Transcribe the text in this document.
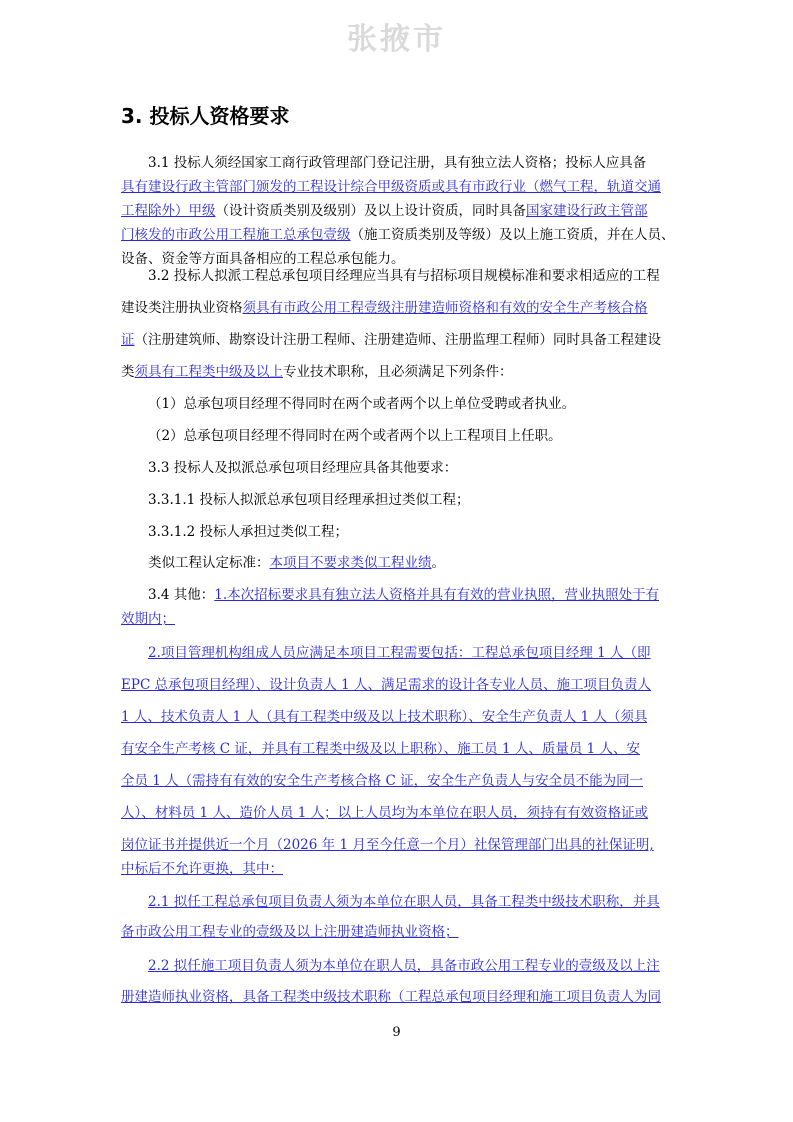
张掖市
3. 投标人资格要求
3.1 投标人须经国家工商行政管理部门登记注册，具有独立法人资格；投标人应具备
具有建设行政主管部门颁发的工程设计综合甲级资质或具有市政行业（燃气工程，轨道交通
工程除外）甲级（设计资质类别及级别）及以上设计资质，同时具备国家建设行政主管部
门核发的市政公用工程施工总承包壹级（施工资质类别及等级）及以上施工资质，并在人员、
设备、资金等方面具备相应的工程总承包能力。
3.2 投标人拟派工程总承包项目经理应当具有与招标项目规模标准和要求相适应的工程
建设类注册执业资格须具有市政公用工程壹级注册建造师资格和有效的安全生产考核合格
证（注册建筑师、勘察设计注册工程师、注册建造师、注册监理工程师）同时具备工程建设
类须具有工程类中级及以上专业技术职称，且必须满足下列条件：
（1）总承包项目经理不得同时在两个或者两个以上单位受聘或者执业。
（2）总承包项目经理不得同时在两个或者两个以上工程项目上任职。
3.3 投标人及拟派总承包项目经理应具备其他要求：
3.3.1.1 投标人拟派总承包项目经理承担过类似工程；
3.3.1.2 投标人承担过类似工程；
类似工程认定标准：本项目不要求类似工程业绩。
3.4 其他：1.本次招标要求具有独立法人资格并具有有效的营业执照，营业执照处于有
效期内；
2.项目管理机构组成人员应满足本项目工程需要包括：工程总承包项目经理 1 人（即
EPC 总承包项目经理）、设计负责人 1 人、满足需求的设计各专业人员、施工项目负责人
1 人、技术负责人 1 人（具有工程类中级及以上技术职称）、安全生产负责人 1 人（须具
有安全生产考核 C 证，并具有工程类中级及以上职称）、施工员 1 人、质量员 1 人、安
全员 1 人（需持有有效的安全生产考核合格 C 证，安全生产负责人与安全员不能为同一
人）、材料员 1 人、造价人员 1 人；以上人员均为本单位在职人员，须持有有效资格证或
岗位证书并提供近一个月（2026 年 1 月至今任意一个月）社保管理部门出具的社保证明,
中标后不允许更换，其中：
2.1 拟任工程总承包项目负责人须为本单位在职人员，具备工程类中级技术职称，并具
备市政公用工程专业的壹级及以上注册建造师执业资格；
2.2 拟任施工项目负责人须为本单位在职人员，具备市政公用工程专业的壹级及以上注
册建造师执业资格，具备工程类中级技术职称（工程总承包项目经理和施工项目负责人为同
9
